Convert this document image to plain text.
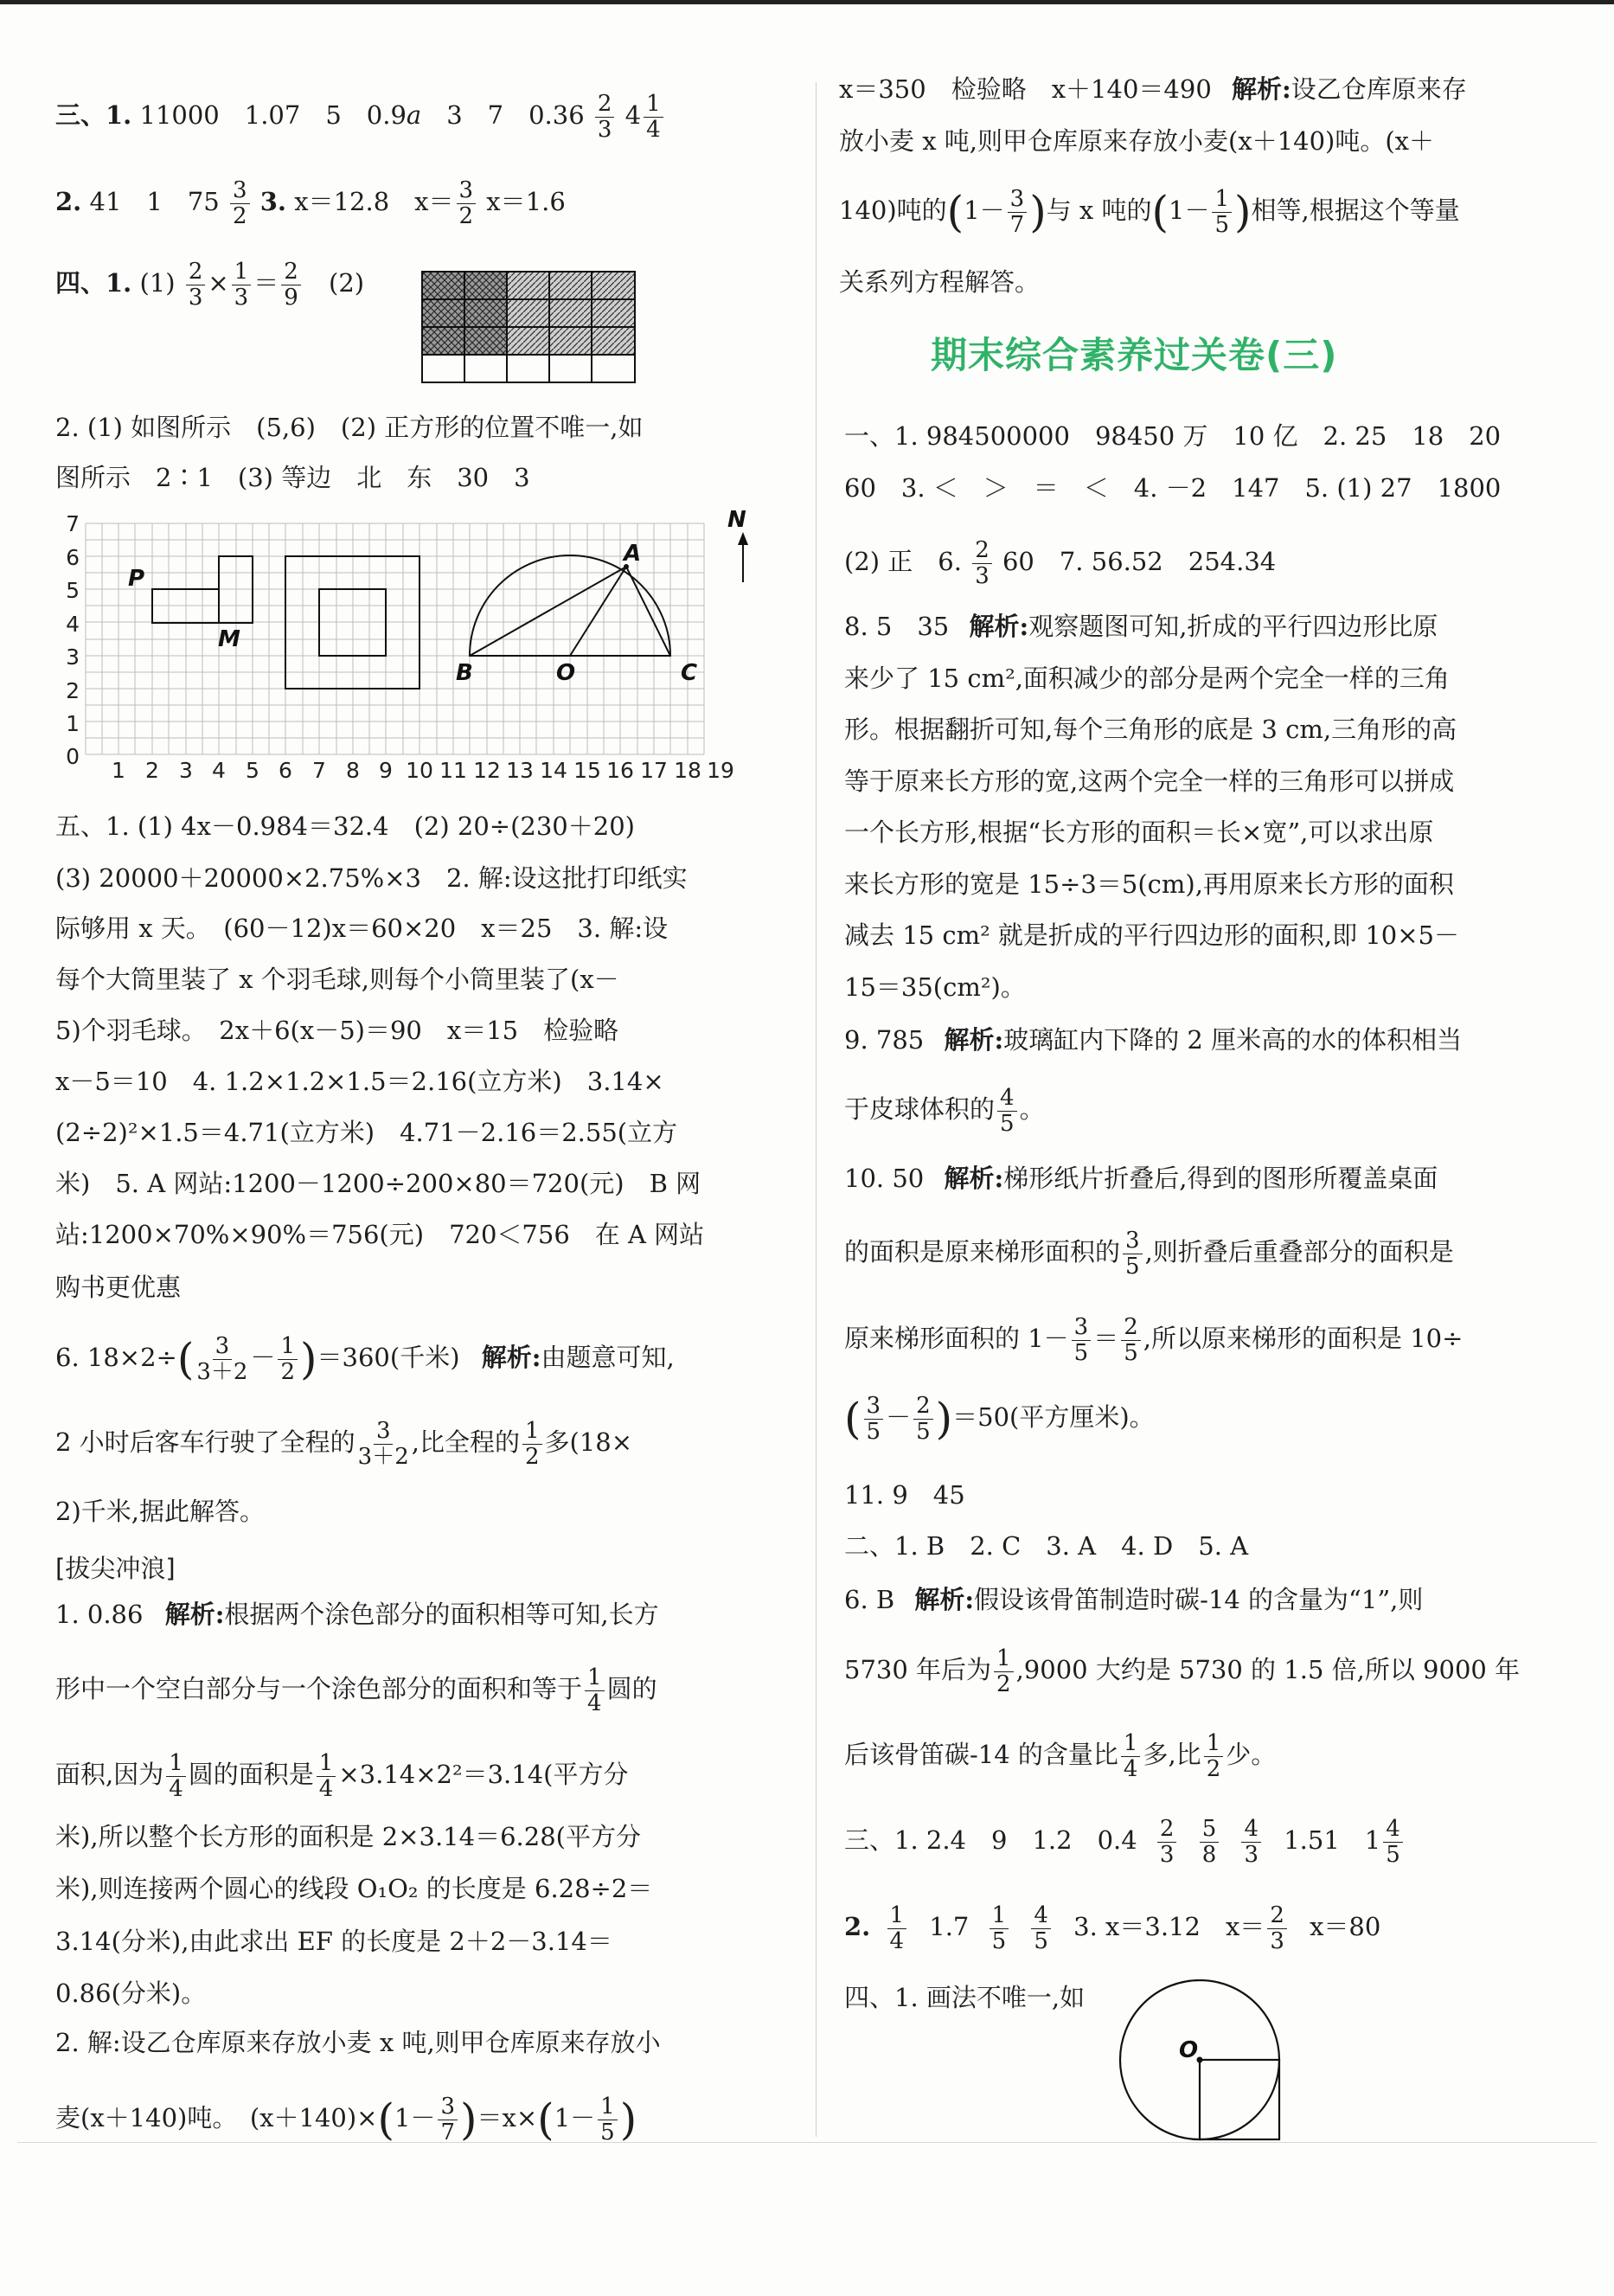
三、1. 11000　1.07　5　0.9a　3　7　$0.36 \frac{2}{3} 4 \frac{1}{4}$
2. 41　1　$75 \frac{3}{2} 3$. x＝12.8　$x= \frac{3}{2} x=1.6$
四、1. $(1) \frac{2}{3} \times \frac{1}{3} = \frac{2}{9} (2)$
2. (1) 如图所示　(5,6)　(2) 正方形的位置不唯一,如
图所示　2∶1　(3) 等边　北　东　30　3
7
6
5
4
3
2
1
0
1 2 3 4 5 6 7 8 9 10 11 12 13 14 15 16 17 18 19
P
M
A
B	O	C
N
五、1. (1) 4x－0.984＝32.4　(2) 20÷(230＋20)
(3) 20000＋20000×2.75%×3　2. 解:设这批打印纸实
际够用 x 天。　(60－12)x＝60×20　x＝25　3. 解:设
每个大筒里装了 x 个羽毛球,则每个小筒里装了(x－
5)个羽毛球。　2x＋6(x－5)＝90　x＝15　检验略
x－5＝10　4. 1.2×1.2×1.5＝2.16(立方米)　3.14×
(2÷2)²×1.5＝4.71(立方米)　4.71－2.16＝2.55(立方
米)　5. A 网站:1200－1200÷200×80＝720(元)　B 网
站:1200×70%×90%＝756(元)　720＜756　在 A 网站
购书更优惠
6. $18\times 2\div( \frac{3}{3+2} - \frac{1}{2} )=360$(千米) 解析:由题意可知,
2 小时后客车行驶了全程的 $\frac{3}{3+2}$ ,比全程的 $\frac{1}{2}$ 多(18×
2)千米,据此解答。
[拔尖冲浪]
1. 0.86 解析:根据两个涂色部分的面积相等可知,长方
形中一个空白部分与一个涂色部分的面积和等于 $\frac{1}{4}$ 圆的
面积,因为 $\frac{1}{4}$ 圆的面积是 $\frac{1}{4} \times 3.14\times 2^2=3.14$(平方分
米),所以整个长方形的面积是 2×3.14＝6.28(平方分
米),则连接两个圆心的线段 O₁O₂ 的长度是 6.28÷2＝
3.14(分米),由此求出 EF 的长度是 2＋2－3.14＝
0.86(分米)。
2. 解:设乙仓库原来存放小麦 x 吨,则甲仓库原来存放小
麦(x＋140)吨。　$(x+140)\times(1- \frac{3}{7} )=x\times(1- \frac{1}{5}$ )
x＝350　检验略　x＋140＝490 解析:设乙仓库原来存
放小麦 x 吨,则甲仓库原来存放小麦(x＋140)吨。(x＋
140)吨的($1- \frac{3}{7}$ )与 x 吨的($1- \frac{1}{5}$ )相等,根据这个等量
关系列方程解答。
期末综合素养过关卷(三)
一、1. 984500000　98450 万　10 亿　2. 25　18　20
60　3. ＜　＞　＝　＜　4. －2　147　5. (1) 27　1800
(2) 正　6. $\frac{2}{3} 60$　7. 56.52　254.34
8. 5　35 解析:观察题图可知,折成的平行四边形比原
来少了 15 cm²,面积减少的部分是两个完全一样的三角
形。根据翻折可知,每个三角形的底是 3 cm,三角形的高
等于原来长方形的宽,这两个完全一样的三角形可以拼成
一个长方形,根据“长方形的面积＝长×宽”,可以求出原
来长方形的宽是 15÷3＝5(cm),再用原来长方形的面积
减去 15 cm² 就是折成的平行四边形的面积,即 10×5－
15＝35(cm²)。
9. 785 解析:玻璃缸内下降的 2 厘米高的水的体积相当
于皮球体积的 $\frac{4}{5}$ 。
10. 50 解析:梯形纸片折叠后,得到的图形所覆盖桌面
的面积是原来梯形面积的 $\frac{3}{5}$ ,则折叠后重叠部分的面积是
原来梯形面积的 $1- \frac{3}{5} = \frac{2}{5}$ ,所以原来梯形的面积是 10÷
( $\frac{3}{5} - \frac{2}{5} )=50$(平方厘米)。
11. 9　45
二、1. B　2. C　3. A　4. D　5. A
6. B 解析:假设该骨笛制造时碳-14 的含量为“1”,则
5730 年后为 $\frac{1}{2} ,9000$ 大约是 5730 的 1.5 倍,所以 9000 年
后该骨笛碳-14 的含量比 $\frac{1}{4}$ 多,比 $\frac{1}{2}$ 少。
三、1. 2.4　9　1.2　$0.4 \frac{2}{3}$
$\frac{5}{8}$
$\frac{4}{3} 1.51$　$1 \frac{4}{5}$
2. $\frac{1}{4} 1.7 \frac{1}{5}$
$\frac{4}{5} 3$. x＝3.12　$x= \frac{2}{3} x=80$
四、1. 画法不唯一,如
O
